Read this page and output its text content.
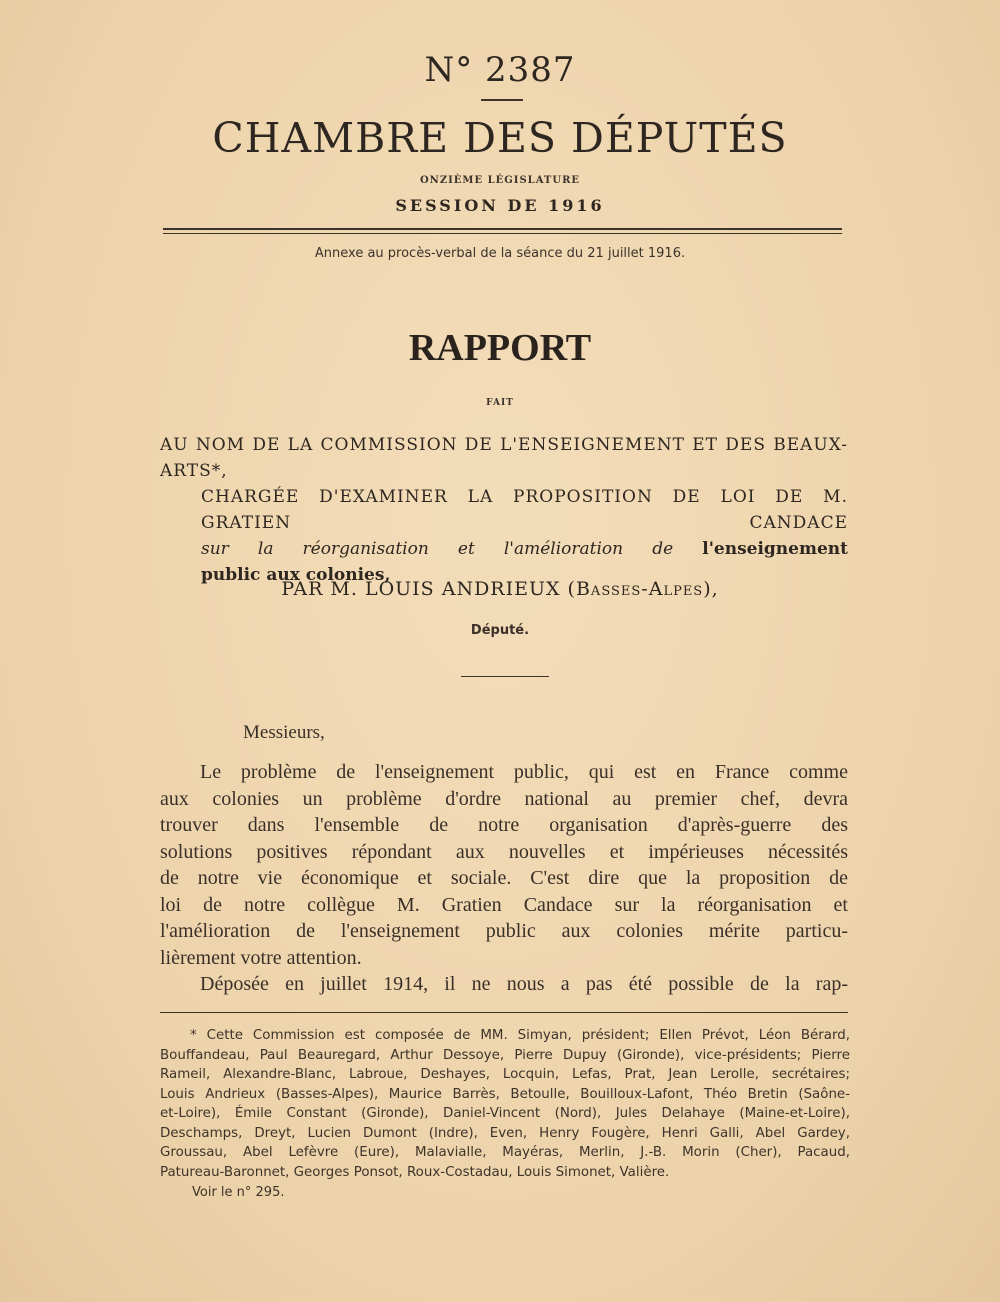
N° 2387
CHAMBRE DES DÉPUTÉS
ONZIÈME LÉGISLATURE
SESSION DE 1916
Annexe au procès-verbal de la séance du 21 juillet 1916.
RAPPORT
FAIT

AU NOM DE LA COMMISSION DE L'ENSEIGNEMENT ET DES BEAUX-ARTS*,

CHARGÉE D'EXAMINER LA PROPOSITION DE LOI DE M. GRATIEN CANDACE

sur la réorganisation et l'amélioration de l'enseignement

public aux colonies,

PAR M. LOUIS ANDRIEUX (Basses-Alpes),
Député.
Messieurs,
Le problème de l'enseignement public, qui est en France comme
aux colonies un problème d'ordre national au premier chef, devra
trouver dans l'ensemble de notre organisation d'après-guerre des
solutions positives répondant aux nouvelles et impérieuses nécessités
de notre vie économique et sociale. C'est dire que la proposition de
loi de notre collègue M. Gratien Candace sur la réorganisation et
l'amélioration de l'enseignement public aux colonies mérite particu-
lièrement votre attention.
Déposée en juillet 1914, il ne nous a pas été possible de la rap-
* Cette Commission est composée de MM. Simyan, président; Ellen Prévot, Léon Bérard,
Bouffandeau, Paul Beauregard, Arthur Dessoye, Pierre Dupuy (Gironde), vice-présidents; Pierre
Rameil, Alexandre-Blanc, Labroue, Deshayes, Locquin, Lefas, Prat, Jean Lerolle, secrétaires;
Louis Andrieux (Basses-Alpes), Maurice Barrès, Betoulle, Bouilloux-Lafont, Théo Bretin (Saône-
et-Loire), Émile Constant (Gironde), Daniel-Vincent (Nord), Jules Delahaye (Maine-et-Loire),
Deschamps, Dreyt, Lucien Dumont (Indre), Even, Henry Fougère, Henri Galli, Abel Gardey,
Groussau, Abel Lefèvre (Eure), Malavialle, Mayéras, Merlin, J.-B. Morin (Cher), Pacaud,
Patureau-Baronnet, Georges Ponsot, Roux-Costadau, Louis Simonet, Valière.
Voir le n° 295.
